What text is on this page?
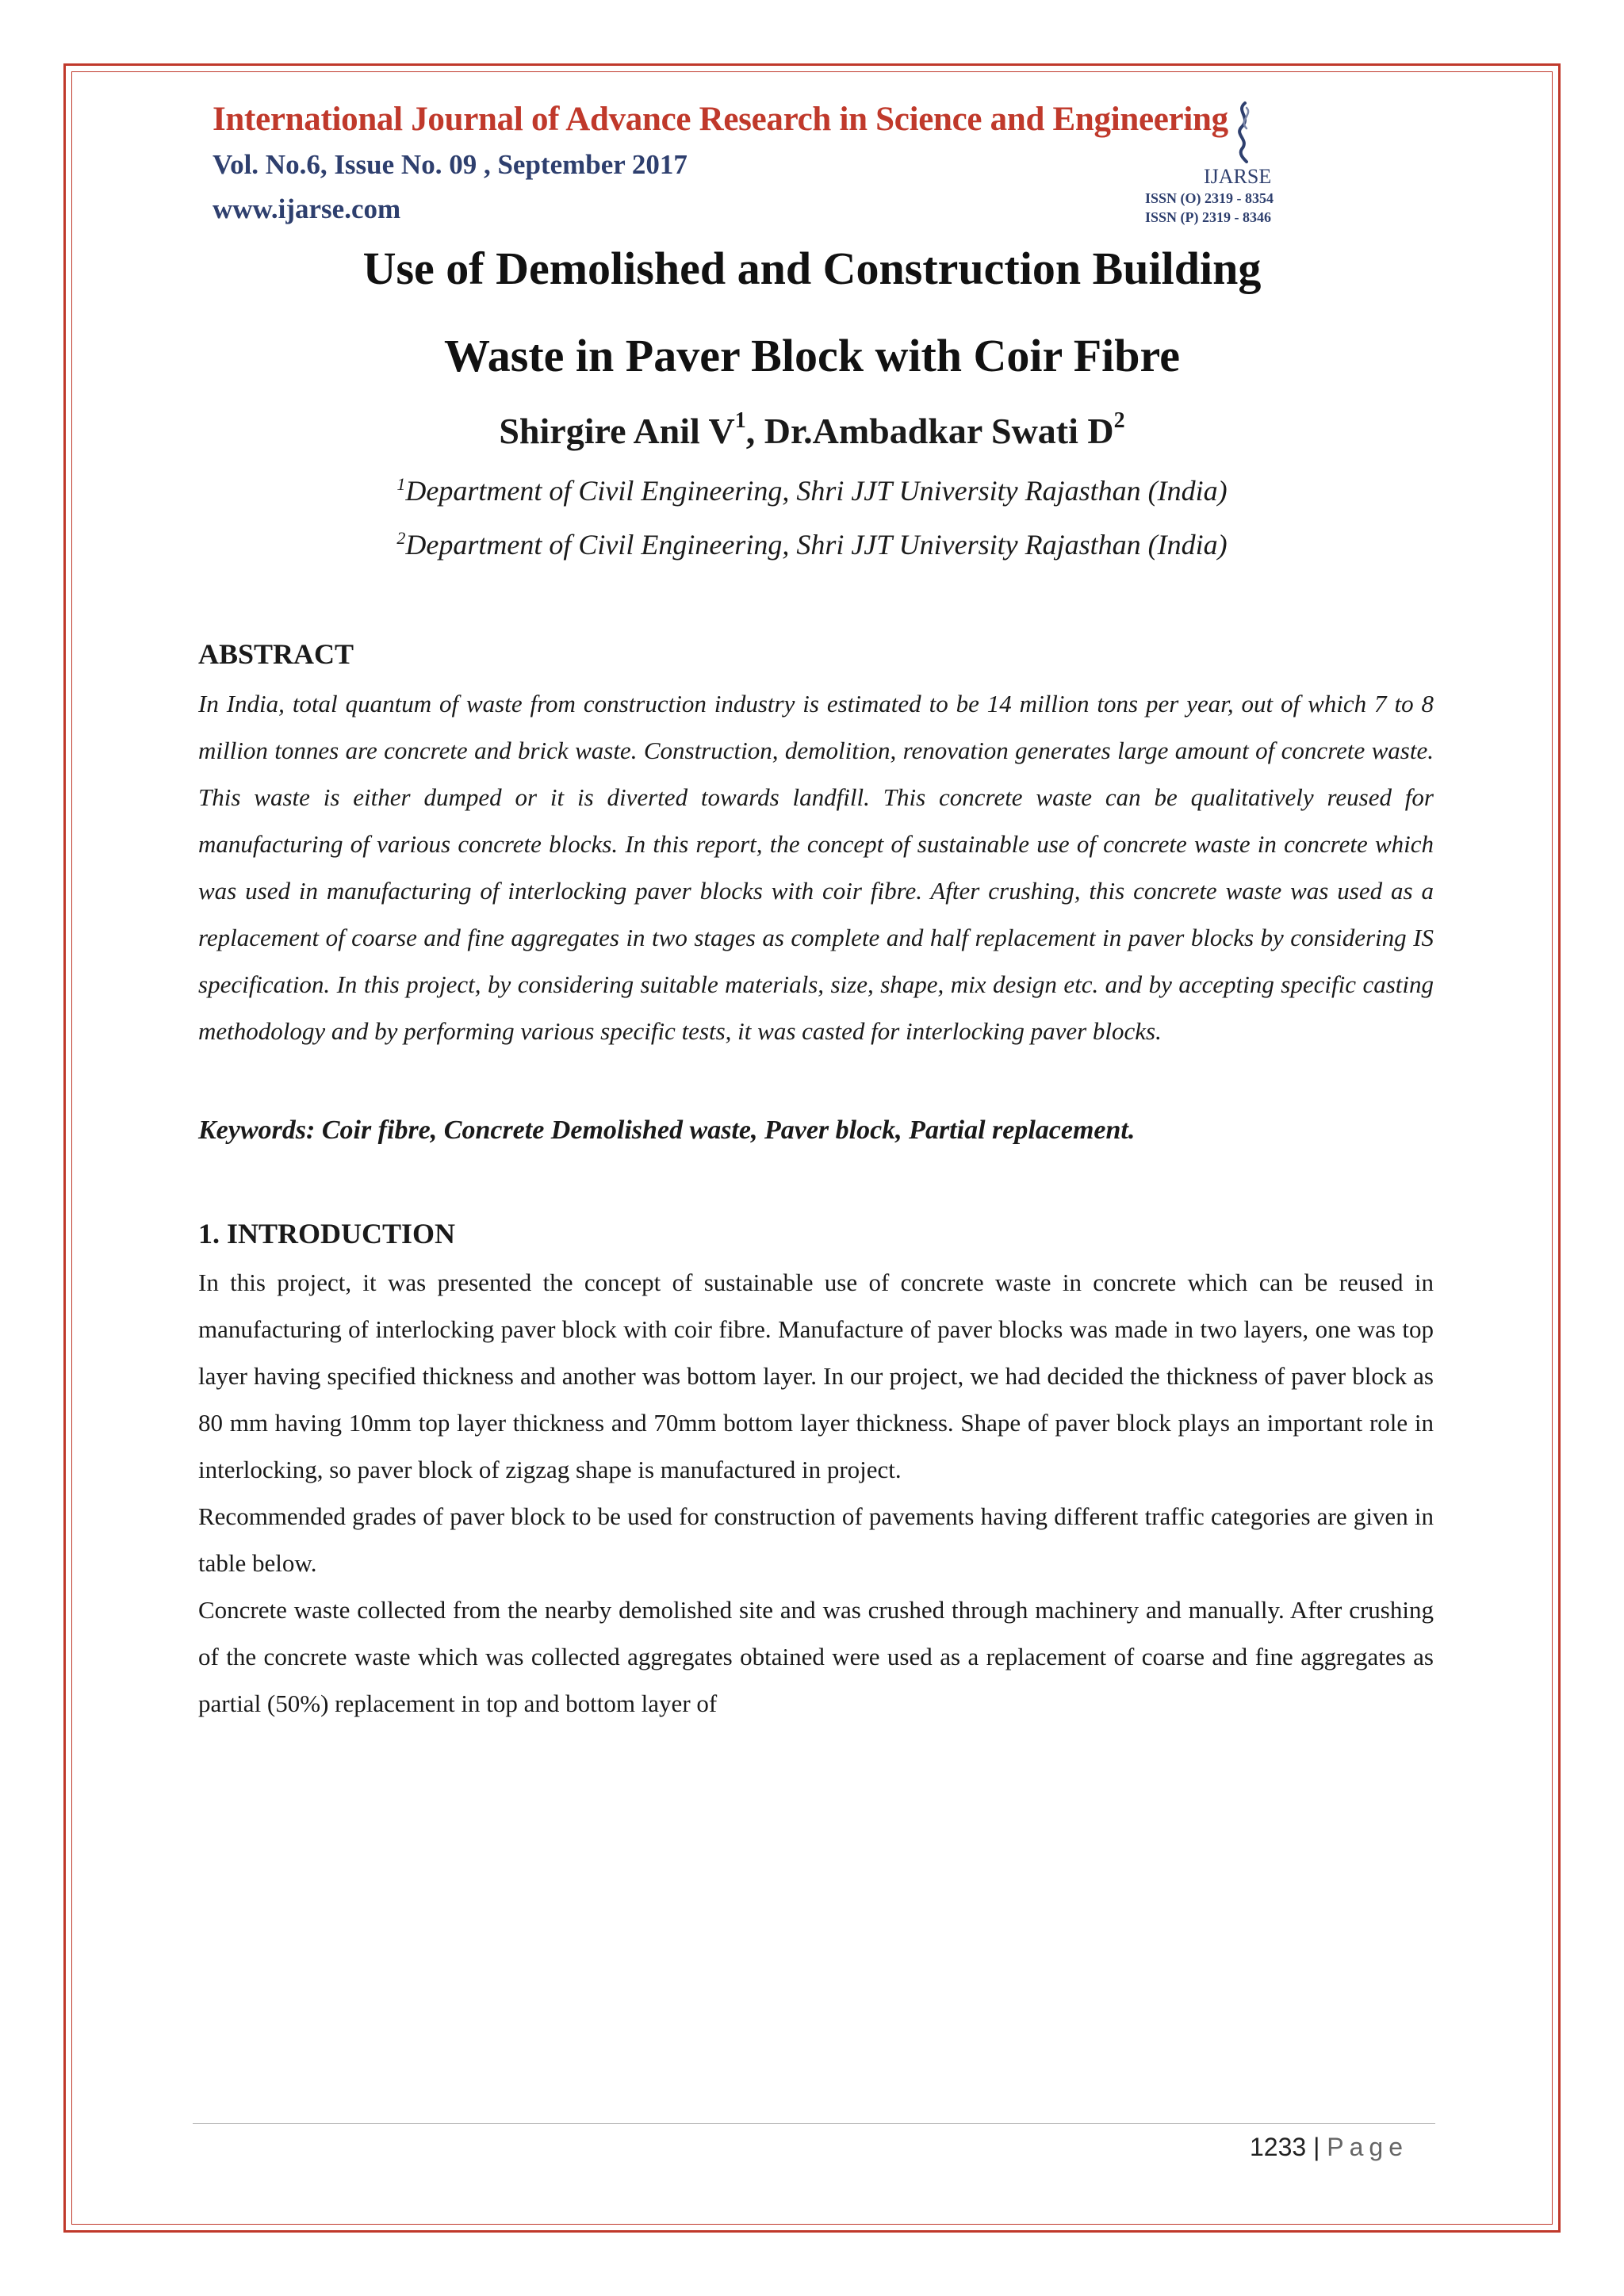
International Journal of Advance Research in Science and Engineering
Vol. No.6, Issue No. 09 , September 2017
www.ijarse.com
IJARSE
ISSN (O) 2319 - 8354
ISSN (P) 2319 - 8346
Use of Demolished and Construction Building
Waste in Paver Block with Coir Fibre
Shirgire Anil $V^1$, Dr.Ambadkar Swati $D^2$
$^1$Department of Civil Engineering, Shri JJT University Rajasthan (India)
$^2$Department of Civil Engineering, Shri JJT University Rajasthan (India)
ABSTRACT
In India, total quantum of waste from construction industry is estimated to be 14 million tons per year, out of which 7 to 8 million tonnes are concrete and brick waste. Construction, demolition, renovation generates large amount of concrete waste. This waste is either dumped or it is diverted towards landfill. This concrete waste can be qualitatively reused for manufacturing of various concrete blocks. In this report, the concept of sustainable use of concrete waste in concrete which was used in manufacturing of interlocking paver blocks with coir fibre. After crushing, this concrete waste was used as a replacement of coarse and fine aggregates in two stages as complete and half replacement in paver blocks by considering IS specification. In this project, by considering suitable materials, size, shape, mix design etc. and by accepting specific casting methodology and by performing various specific tests, it was casted for interlocking paver blocks.
Keywords: Coir fibre, Concrete Demolished waste, Paver block, Partial replacement.
1. INTRODUCTION
In this project, it was presented the concept of sustainable use of concrete waste in concrete which can be reused in manufacturing of interlocking paver block with coir fibre. Manufacture of paver blocks was made in two layers, one was top layer having specified thickness and another was bottom layer. In our project, we had decided the thickness of paver block as 80 mm having 10mm top layer thickness and 70mm bottom layer thickness. Shape of paver block plays an important role in interlocking, so paver block of zigzag shape is manufactured in project.
Recommended grades of paver block to be used for construction of pavements having different traffic categories are given in table below.
Concrete waste collected from the nearby demolished site and was crushed through machinery and manually. After crushing of the concrete waste which was collected aggregates obtained were used as a replacement of coarse and fine aggregates as partial (50%) replacement in top and bottom layer of
1233 | Page
